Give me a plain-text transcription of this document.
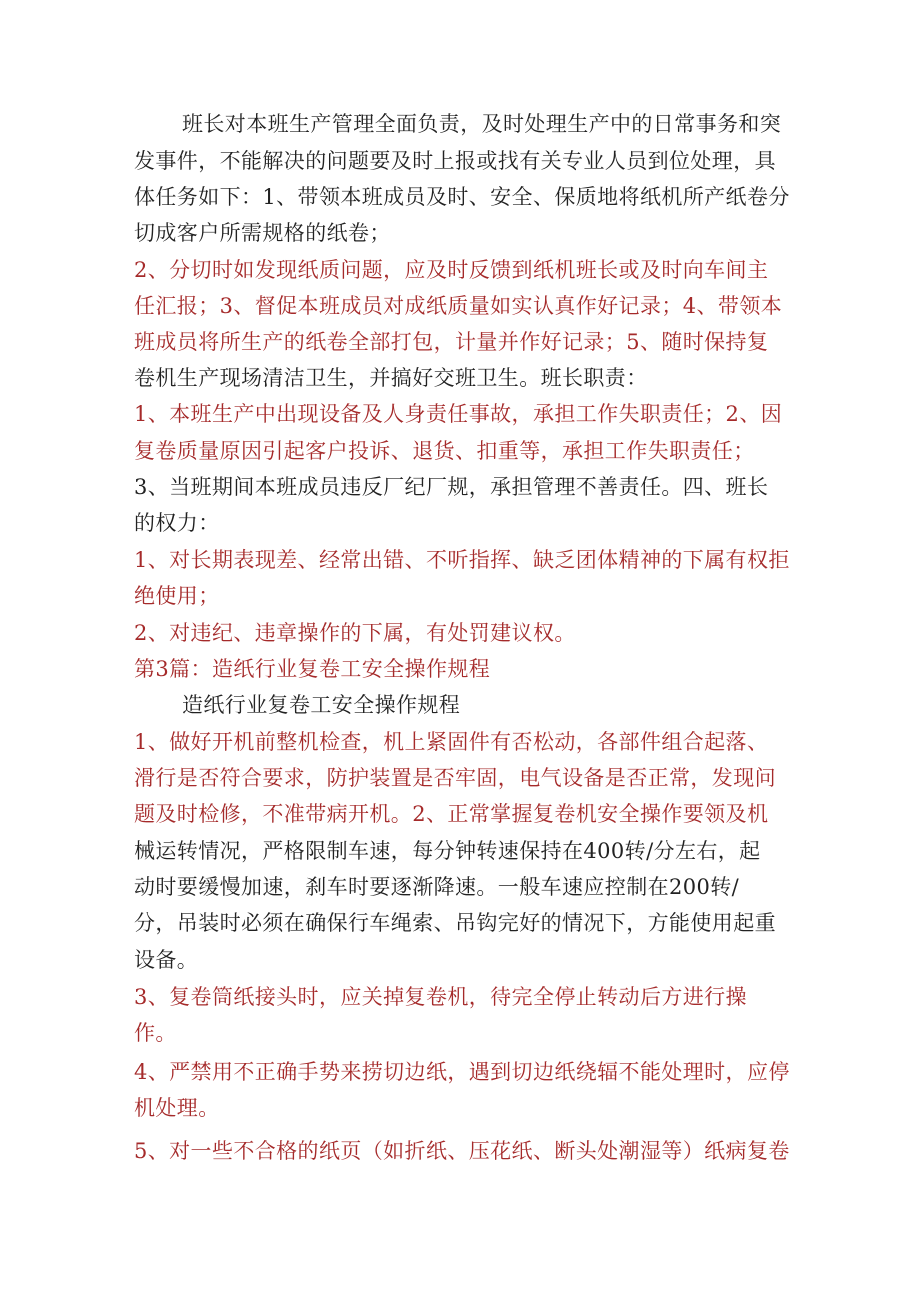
班长对本班生产管理全面负责，及时处理生产中的日常事务和突
发事件，不能解决的问题要及时上报或找有关专业人员到位处理，具
体任务如下：1、带领本班成员及时、安全、保质地将纸机所产纸卷分
切成客户所需规格的纸卷；
2、分切时如发现纸质问题，应及时反馈到纸机班长或及时向车间主
任汇报；3、督促本班成员对成纸质量如实认真作好记录；4、带领本
班成员将所生产的纸卷全部打包，计量并作好记录；5、随时保持复
卷机生产现场清洁卫生，并搞好交班卫生。班长职责：
1、本班生产中出现设备及人身责任事故，承担工作失职责任；2、因
复卷质量原因引起客户投诉、退货、扣重等，承担工作失职责任；
3、当班期间本班成员违反厂纪厂规，承担管理不善责任。四、班长
的权力：
1、对长期表现差、经常出错、不听指挥、缺乏团体精神的下属有权拒
绝使用；
2、对违纪、违章操作的下属，有处罚建议权。
第3篇：造纸行业复卷工安全操作规程
造纸行业复卷工安全操作规程
1、做好开机前整机检查，机上紧固件有否松动，各部件组合起落、
滑行是否符合要求，防护装置是否牢固，电气设备是否正常，发现问
题及时检修，不准带病开机。2、正常掌握复卷机安全操作要领及机
械运转情况，严格限制车速，每分钟转速保持在400转/分左右，起
动时要缓慢加速，刹车时要逐渐降速。一般车速应控制在200转/
分，吊装时必须在确保行车绳索、吊钩完好的情况下，方能使用起重
设备。
3、复卷筒纸接头时，应关掉复卷机，待完全停止转动后方进行操
作。
4、严禁用不正确手势来捞切边纸，遇到切边纸绕辐不能处理时，应停
机处理。
5、对一些不合格的纸页（如折纸、压花纸、断头处潮湿等）纸病复卷
